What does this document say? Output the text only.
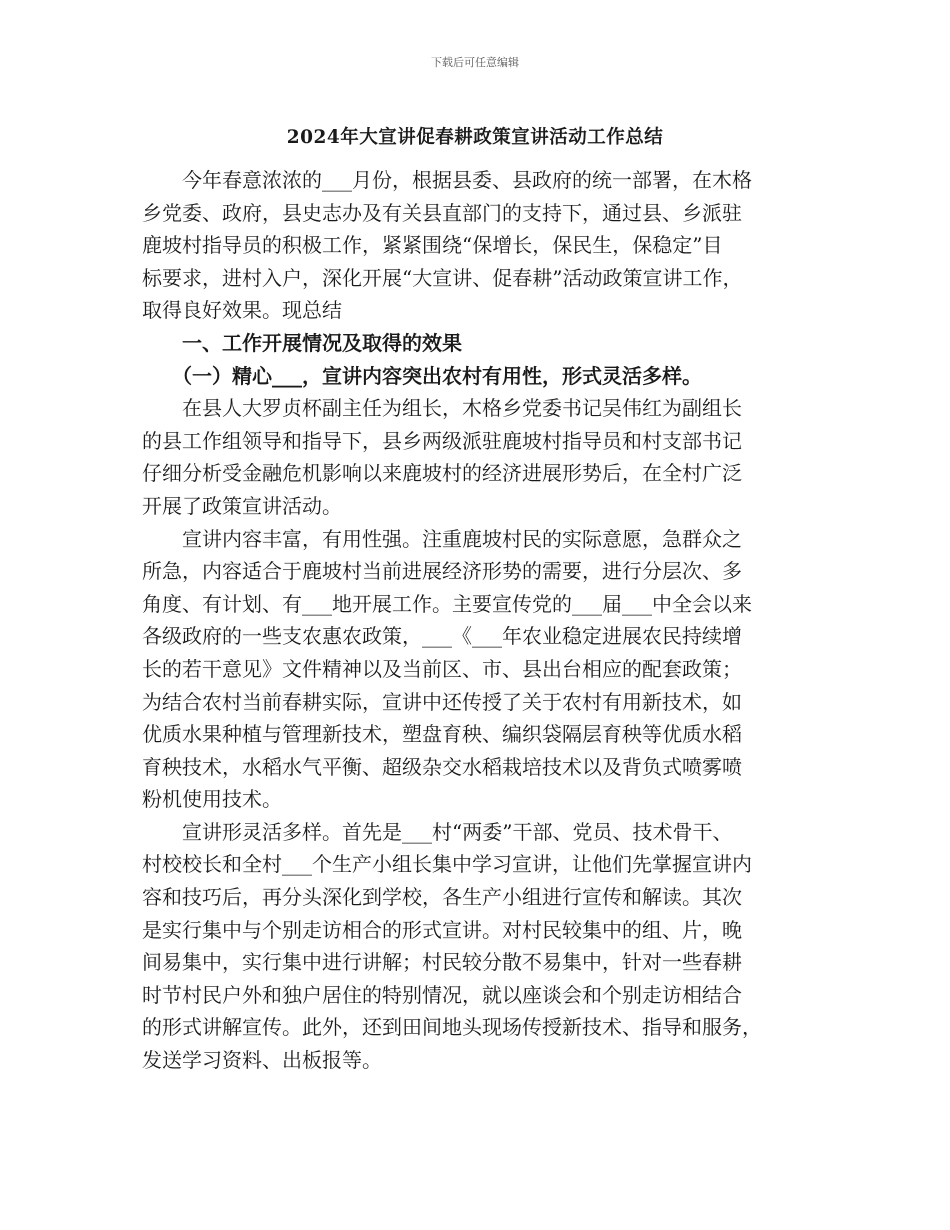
下载后可任意编辑
2024年大宣讲促春耕政策宣讲活动工作总结
　　今年春意浓浓的___月份，根据县委、县政府的统一部署，在木格
乡党委、政府，县史志办及有关县直部门的支持下，通过县、乡派驻
鹿坡村指导员的积极工作，紧紧围绕“保增长，保民生，保稳定”目
标要求，进村入户，深化开展“大宣讲、促春耕”活动政策宣讲工作，
取得良好效果。现总结
　　一、工作开展情况及取得的效果
　　（一）精心___，宣讲内容突出农村有用性，形式灵活多样。
　　在县人大罗贞杯副主任为组长，木格乡党委书记吴伟红为副组长
的县工作组领导和指导下，县乡两级派驻鹿坡村指导员和村支部书记
仔细分析受金融危机影响以来鹿坡村的经济进展形势后，在全村广泛
开展了政策宣讲活动。
　　宣讲内容丰富，有用性强。注重鹿坡村民的实际意愿，急群众之
所急，内容适合于鹿坡村当前进展经济形势的需要，进行分层次、多
角度、有计划、有___地开展工作。主要宣传党的___届___中全会以来
各级政府的一些支农惠农政策，___《___年农业稳定进展农民持续增
长的若干意见》文件精神以及当前区、市、县出台相应的配套政策；
为结合农村当前春耕实际，宣讲中还传授了关于农村有用新技术，如
优质水果种植与管理新技术，塑盘育秧、编织袋隔层育秧等优质水稻
育秧技术，水稻水气平衡、超级杂交水稻栽培技术以及背负式喷雾喷
粉机使用技术。
　　宣讲形灵活多样。首先是___村“两委”干部、党员、技术骨干、
村校校长和全村___个生产小组长集中学习宣讲，让他们先掌握宣讲内
容和技巧后，再分头深化到学校，各生产小组进行宣传和解读。其次
是实行集中与个别走访相合的形式宣讲。对村民较集中的组、片，晚
间易集中，实行集中进行讲解；村民较分散不易集中，针对一些春耕
时节村民户外和独户居住的特别情况，就以座谈会和个别走访相结合
的形式讲解宣传。此外，还到田间地头现场传授新技术、指导和服务，
发送学习资料、出板报等。
